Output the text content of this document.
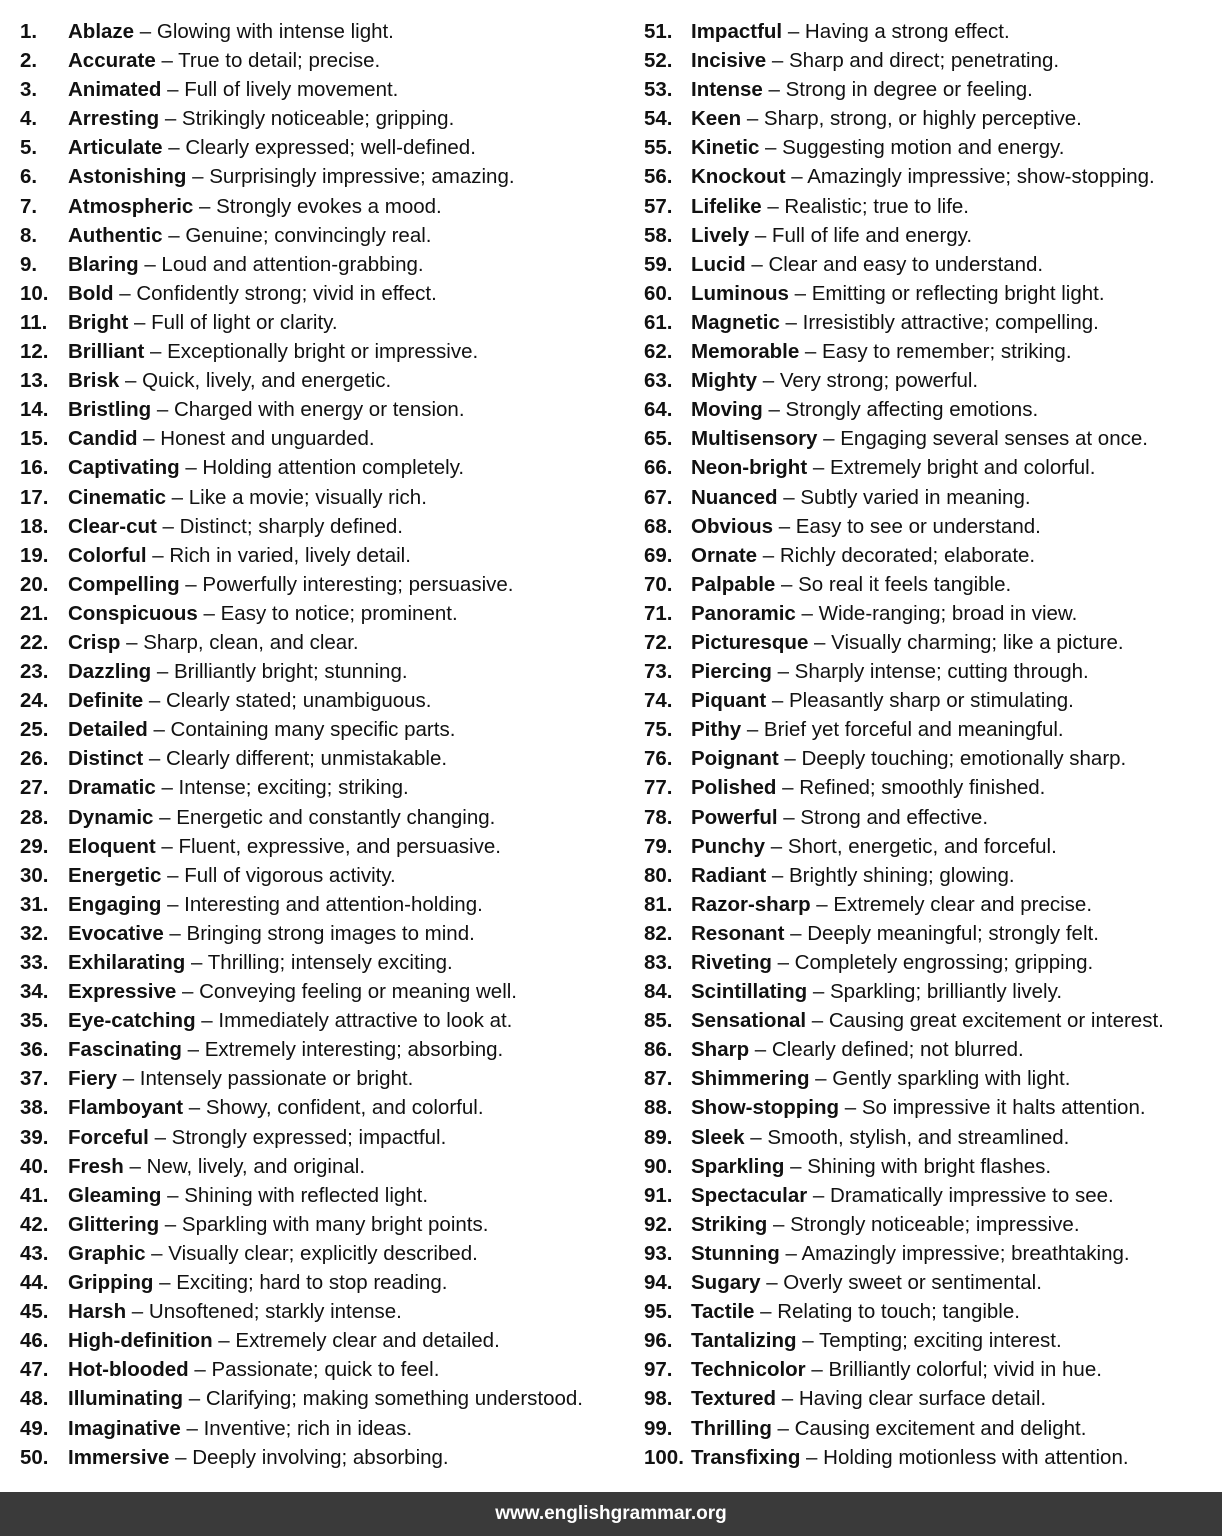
1. Ablaze – Glowing with intense light.
2. Accurate – True to detail; precise.
3. Animated – Full of lively movement.
4. Arresting – Strikingly noticeable; gripping.
5. Articulate – Clearly expressed; well-defined.
6. Astonishing – Surprisingly impressive; amazing.
7. Atmospheric – Strongly evokes a mood.
8. Authentic – Genuine; convincingly real.
9. Blaring – Loud and attention-grabbing.
10. Bold – Confidently strong; vivid in effect.
11. Bright – Full of light or clarity.
12. Brilliant – Exceptionally bright or impressive.
13. Brisk – Quick, lively, and energetic.
14. Bristling – Charged with energy or tension.
15. Candid – Honest and unguarded.
16. Captivating – Holding attention completely.
17. Cinematic – Like a movie; visually rich.
18. Clear-cut – Distinct; sharply defined.
19. Colorful – Rich in varied, lively detail.
20. Compelling – Powerfully interesting; persuasive.
21. Conspicuous – Easy to notice; prominent.
22. Crisp – Sharp, clean, and clear.
23. Dazzling – Brilliantly bright; stunning.
24. Definite – Clearly stated; unambiguous.
25. Detailed – Containing many specific parts.
26. Distinct – Clearly different; unmistakable.
27. Dramatic – Intense; exciting; striking.
28. Dynamic – Energetic and constantly changing.
29. Eloquent – Fluent, expressive, and persuasive.
30. Energetic – Full of vigorous activity.
31. Engaging – Interesting and attention-holding.
32. Evocative – Bringing strong images to mind.
33. Exhilarating – Thrilling; intensely exciting.
34. Expressive – Conveying feeling or meaning well.
35. Eye-catching – Immediately attractive to look at.
36. Fascinating – Extremely interesting; absorbing.
37. Fiery – Intensely passionate or bright.
38. Flamboyant – Showy, confident, and colorful.
39. Forceful – Strongly expressed; impactful.
40. Fresh – New, lively, and original.
41. Gleaming – Shining with reflected light.
42. Glittering – Sparkling with many bright points.
43. Graphic – Visually clear; explicitly described.
44. Gripping – Exciting; hard to stop reading.
45. Harsh – Unsoftened; starkly intense.
46. High-definition – Extremely clear and detailed.
47. Hot-blooded – Passionate; quick to feel.
48. Illuminating – Clarifying; making something understood.
49. Imaginative – Inventive; rich in ideas.
50. Immersive – Deeply involving; absorbing.
51. Impactful – Having a strong effect.
52. Incisive – Sharp and direct; penetrating.
53. Intense – Strong in degree or feeling.
54. Keen – Sharp, strong, or highly perceptive.
55. Kinetic – Suggesting motion and energy.
56. Knockout – Amazingly impressive; show-stopping.
57. Lifelike – Realistic; true to life.
58. Lively – Full of life and energy.
59. Lucid – Clear and easy to understand.
60. Luminous – Emitting or reflecting bright light.
61. Magnetic – Irresistibly attractive; compelling.
62. Memorable – Easy to remember; striking.
63. Mighty – Very strong; powerful.
64. Moving – Strongly affecting emotions.
65. Multisensory – Engaging several senses at once.
66. Neon-bright – Extremely bright and colorful.
67. Nuanced – Subtly varied in meaning.
68. Obvious – Easy to see or understand.
69. Ornate – Richly decorated; elaborate.
70. Palpable – So real it feels tangible.
71. Panoramic – Wide-ranging; broad in view.
72. Picturesque – Visually charming; like a picture.
73. Piercing – Sharply intense; cutting through.
74. Piquant – Pleasantly sharp or stimulating.
75. Pithy – Brief yet forceful and meaningful.
76. Poignant – Deeply touching; emotionally sharp.
77. Polished – Refined; smoothly finished.
78. Powerful – Strong and effective.
79. Punchy – Short, energetic, and forceful.
80. Radiant – Brightly shining; glowing.
81. Razor-sharp – Extremely clear and precise.
82. Resonant – Deeply meaningful; strongly felt.
83. Riveting – Completely engrossing; gripping.
84. Scintillating – Sparkling; brilliantly lively.
85. Sensational – Causing great excitement or interest.
86. Sharp – Clearly defined; not blurred.
87. Shimmering – Gently sparkling with light.
88. Show-stopping – So impressive it halts attention.
89. Sleek – Smooth, stylish, and streamlined.
90. Sparkling – Shining with bright flashes.
91. Spectacular – Dramatically impressive to see.
92. Striking – Strongly noticeable; impressive.
93. Stunning – Amazingly impressive; breathtaking.
94. Sugary – Overly sweet or sentimental.
95. Tactile – Relating to touch; tangible.
96. Tantalizing – Tempting; exciting interest.
97. Technicolor – Brilliantly colorful; vivid in hue.
98. Textured – Having clear surface detail.
99. Thrilling – Causing excitement and delight.
100. Transfixing – Holding motionless with attention.
www.englishgrammar.org
